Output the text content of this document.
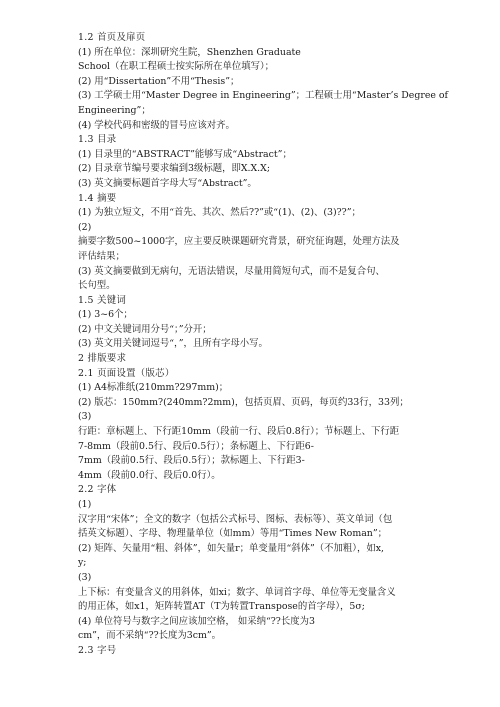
1.2 首页及扉页
(1) 所在单位：深圳研究生院，Shenzhen Graduate
School（在职工程硕士按实际所在单位填写）；
(2) 用“Dissertation”不用“Thesis”；
(3) 工学硕士用“Master Degree in Engineering”；工程硕士用“Master’s Degree of
Engineering”；
(4) 学校代码和密级的冒号应该对齐。
1.3 目录
(1) 目录里的“ABSTRACT”能够写成“Abstract”；
(2) 目录章节编号要求编到3级标题，即X.X.X;
(3) 英文摘要标题首字母大写“Abstract”。
1.4 摘要
(1) 为独立短文，不用“首先、其次、然后??”或“(1)、(2)、(3)??”；
(2)
摘要字数500~1000字，应主要反映课题研究背景，研究征询题，处理方法及
评估结果；
(3) 英文摘要做到无病句，无语法错误，尽量用简短句式，而不是复合句、
长句型。
1.5 关键词
(1) 3~6个；
(2) 中文关键词用分号“；”分开；
(3) 英文用关键词逗号“，”，且所有字母小写。
2 排版要求
2.1 页面设置（版芯）
(1) A4标准纸(210mm?297mm)；
(2) 版芯：150mm?(240mm?2mm)，包括页眉、页码，每页约33行，33列；
(3)
行距：章标题上、下行距10mm（段前一行、段后0.8行）；节标题上、下行距
7-8mm（段前0.5行、段后0.5行）；条标题上、下行距6-
7mm（段前0.5行、段后0.5行）；款标题上、下行距3-
4mm（段前0.0行、段后0.0行）。
2.2 字体
(1)
汉字用“宋体”；全文的数字（包括公式标号、图标、表标等）、英文单词（包
括英文标题）、字母、物理量单位（如mm）等用“Times New Roman”；
(2) 矩阵、矢量用“粗、斜体”，如矢量r；单变量用“斜体”（不加粗），如x,
y;
(3)
上下标：有变量含义的用斜体，如xi；数字、单词首字母、单位等无变量含义
的用正体，如x1，矩阵转置AT（T为转置Transpose的首字母），5σ;
(4) 单位符号与数字之间应该加空格， 如采纳“??长度为3
cm”，而不采纳“??长度为3cm”。
2.3 字号
